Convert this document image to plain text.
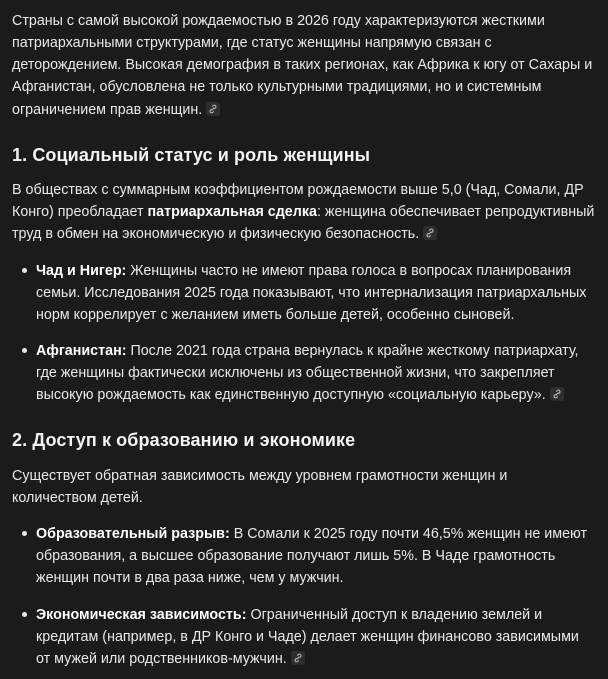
Страны с самой высокой рождаемостью в 2026 году характеризуются жесткими патриархальными структурами, где статус женщины напрямую связан с деторождением. Высокая демография в таких регионах, как Африка к югу от Сахары и Афганистан, обусловлена не только культурными традициями, но и системным ограничением прав женщин.

1. Социальный статус и роль женщины

В обществах с суммарным коэффициентом рождаемости выше 5,0 (Чад, Сомали, ДР Конго) преобладает патриархальная сделка: женщина обеспечивает репродуктивный труд в обмен на экономическую и физическую безопасность.

Чад и Нигер: Женщины часто не имеют права голоса в вопросах планирования семьи. Исследования 2025 года показывают, что интернализация патриархальных норм коррелирует с желанием иметь больше детей, особенно сыновей.
Афганистан: После 2021 года страна вернулась к крайне жесткому патриархату, где женщины фактически исключены из общественной жизни, что закрепляет высокую рождаемость как единственную доступную «социальную карьеру».
2. Доступ к образованию и экономике

Существует обратная зависимость между уровнем грамотности женщин и количеством детей.

Образовательный разрыв: В Сомали к 2025 году почти 46,5% женщин не имеют образования, а высшее образование получают лишь 5%. В Чаде грамотность женщин почти в два раза ниже, чем у мужчин.
Экономическая зависимость: Ограниченный доступ к владению землей и кредитам (например, в ДР Конго и Чаде) делает женщин финансово зависимыми от мужей или родственников-мужчин.
